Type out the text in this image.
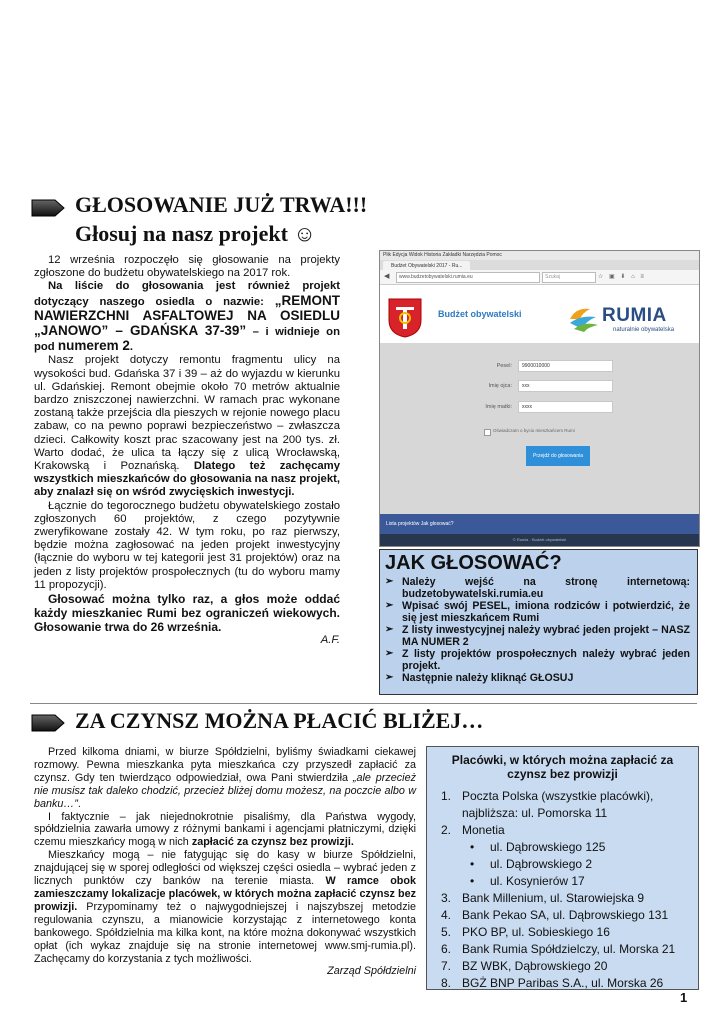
GŁOSOWANIE JUŻ TRWA!!!
Głosuj na nasz projekt ☺

12 września rozpoczęło się głosowanie na projekty zgłoszone do budżetu obywatelskiego na 2017 rok.

Na liście do głosowania jest również projekt dotyczący naszego osiedla o nazwie: „REMONT NAWIERZCHNI ASFALTOWEJ NA OSIEDLU „JANOWO” – GDAŃSKA 37-39” – i widnieje on pod numerem 2.

Nasz projekt dotyczy remontu fragmentu ulicy na wysokości bud. Gdańska 37 i 39 – aż do wyjazdu w kierunku ul. Gdańskiej. Remont obejmie około 70 metrów aktualnie bardzo zniszczonej nawierzchni. W ramach prac wykonane zostaną także przejścia dla pieszych w rejonie nowego placu zabaw, co na pewno poprawi bezpieczeństwo – zwłaszcza dzieci. Całkowity koszt prac szacowany jest na 200 tys. zł. Warto dodać, że ulica ta łączy się z ulicą Wrocławską, Krakowską i Poznańską. Dlatego też zachęcamy wszystkich mieszkańców do głosowania na nasz projekt, aby znalazł się on wśród zwycięskich inwestycji.

Łącznie do tegorocznego budżetu obywatelskiego zostało zgłoszonych 60 projektów, z czego pozytywnie zweryfikowane zostały 42. W tym roku, po raz pierwszy, będzie można zagłosować na jeden projekt inwestycyjny (łącznie do wyboru w tej kategorii jest 31 projektów) oraz na jeden z listy projektów prospołecznych (tu do wyboru mamy 11 propozycji).

Głosować można tylko raz, a głos może oddać każdy mieszkaniec Rumi bez ograniczeń wiekowych. Głosowanie trwa do 26 września.

A.F.

Plik Edycja Widok Historia Zakładki Narzędzia Pomoc
Budżet Obywatelski 2017 - Ru...
◀	www.budzetobywatelski.rumia.eu	Szukaj	☆ ▣ ⬇ ⌂ ≡
Budżet obywatelski	RUMIA
naturalnie obywatelska
Pesel:	9900010000
Imię ojca:	xxx
Imię matki:	xxxx
Oświadczam o byciu mieszkańcem Rumi
Przejdź do głosowania
Lista projektów Jak głosować?
© Rumia · Budżet obywatelski
JAK GŁOSOWAĆ?
➢ Należy wejść na stronę internetową: budzetobywatelski.rumia.eu
➢ Wpisać swój PESEL, imiona rodziców i potwierdzić, że się jest mieszkańcem Rumi
➢ Z listy inwestycyjnej należy wybrać jeden projekt – NASZ MA NUMER 2
➢ Z listy projektów prospołecznych należy wybrać jeden projekt.
➢ Następnie należy kliknąć GŁOSUJ
ZA CZYNSZ MOŻNA PŁACIĆ BLIŻEJ…

Przed kilkoma dniami, w biurze Spółdzielni, byliśmy świadkami ciekawej rozmowy. Pewna mieszkanka pyta mieszkańca czy przyszedł zapłacić za czynsz. Gdy ten twierdząco odpowiedział, owa Pani stwierdziła „ale przecież nie musisz tak daleko chodzić, przecież bliżej domu możesz, na poczcie albo w banku…”.

I faktycznie – jak niejednokrotnie pisaliśmy, dla Państwa wygody, spółdzielnia zawarła umowy z różnymi bankami i agencjami płatniczymi, dzięki czemu mieszkańcy mogą w nich zapłacić za czynsz bez prowizji.

Mieszkańcy mogą – nie fatygując się do kasy w biurze Spółdzielni, znajdującej się w sporej odległości od większej części osiedla – wybrać jeden z licznych punktów czy banków na terenie miasta. W ramce obok zamieszczamy lokalizacje placówek, w których można zapłacić czynsz bez prowizji. Przypominamy też o najwygodniejszej i najszybszej metodzie regulowania czynszu, a mianowicie korzystając z internetowego konta bankowego. Spółdzielnia ma kilka kont, na które można dokonywać wszystkich opłat (ich wykaz znajduje się na stronie internetowej www.smj-rumia.pl). Zachęcamy do korzystania z tych możliwości.

Zarząd Spółdzielni

Placówki, w których można zapłacić za czynsz bez prowizji
1. Poczta Polska (wszystkie placówki),
najbliższa: ul. Pomorska 11
2. Monetia
• ul. Dąbrowskiego 125
• ul. Dąbrowskiego 2
• ul. Kosynierów 17
3. Bank Millenium, ul. Starowiejska 9
4. Bank Pekao SA, ul. Dąbrowskiego 131
5. PKO BP, ul. Sobieskiego 16
6. Bank Rumia Spółdzielczy, ul. Morska 21
7. BZ WBK, Dąbrowskiego 20
8. BGŻ BNP Paribas S.A., ul. Morska 26
1
